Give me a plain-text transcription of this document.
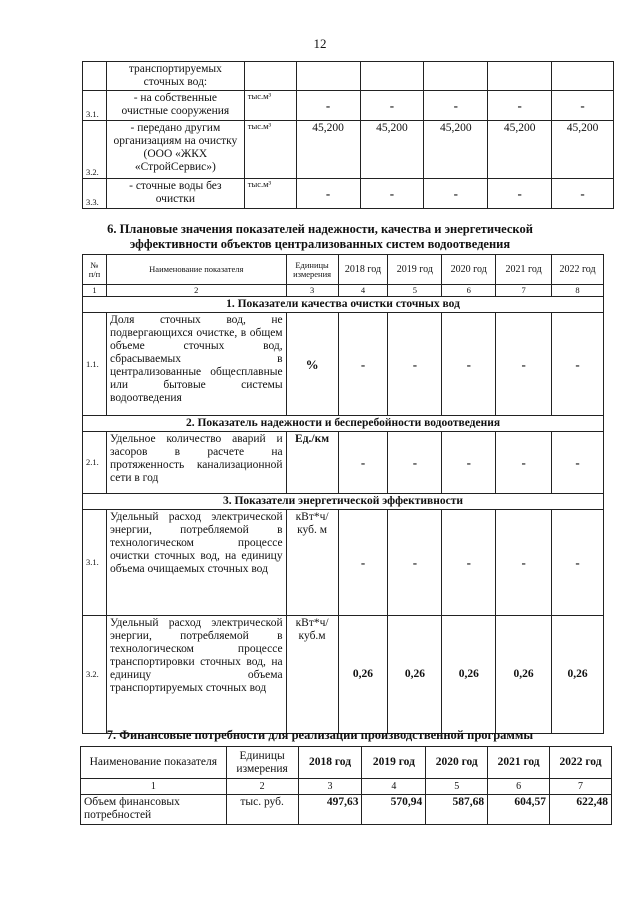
12
	транспортируемых сточных вод:						
3.1.	- на собственные очистные сооружения	тыс.м³	-	-	-	-	-
3.2.	- передано другим организациям на очистку (ООО «ЖКХ «СтройСервис»)	тыс.м³	45,200	45,200	45,200	45,200	45,200
3.3.	- сточные воды без очистки	тыс.м³	-	-	-	-	-
6. Плановые значения показателей надежности, качества и энергетической
эффективности объектов централизованных систем водоотведения
№ п/п	Наименование показателя	Единицы измерения	2018 год	2019 год	2020 год	2021 год	2022 год
1	2	3	4	5	6	7	8
1. Показатели качества очистки сточных вод							
1.1.	Доля сточных вод, не подвергающихся очистке, в общем объеме сточных вод, сбрасываемых в централизованные общесплавные или бытовые системы водоотведения	%	-	-	-	-	-
2. Показатель надежности и бесперебойности водоотведения							
2.1.	Удельное количество аварий и засоров в расчете на протяженность канализационной сети в год	Ед./км	-	-	-	-	-
3. Показатели энергетической эффективности							
3.1.	Удельный расход электрической энергии, потребляемой в технологическом процессе очистки сточных вод, на единицу объема очищаемых сточных вод	кВт*ч/ куб. м	-	-	-	-	-
3.2.	Удельный расход электрической энергии, потребляемой в технологическом процессе транспортировки сточных вод, на единицу объема транспортируемых сточных вод	кВт*ч/ куб.м	0,26	0,26	0,26	0,26	0,26
7. Финансовые потребности для реализации производственной программы
Наименование показателя	Единицы измерения	2018 год	2019 год	2020 год	2021 год	2022 год
1	2	3	4	5	6	7
Объем финансовых потребностей	тыс. руб.	497,63	570,94	587,68	604,57	622,48
